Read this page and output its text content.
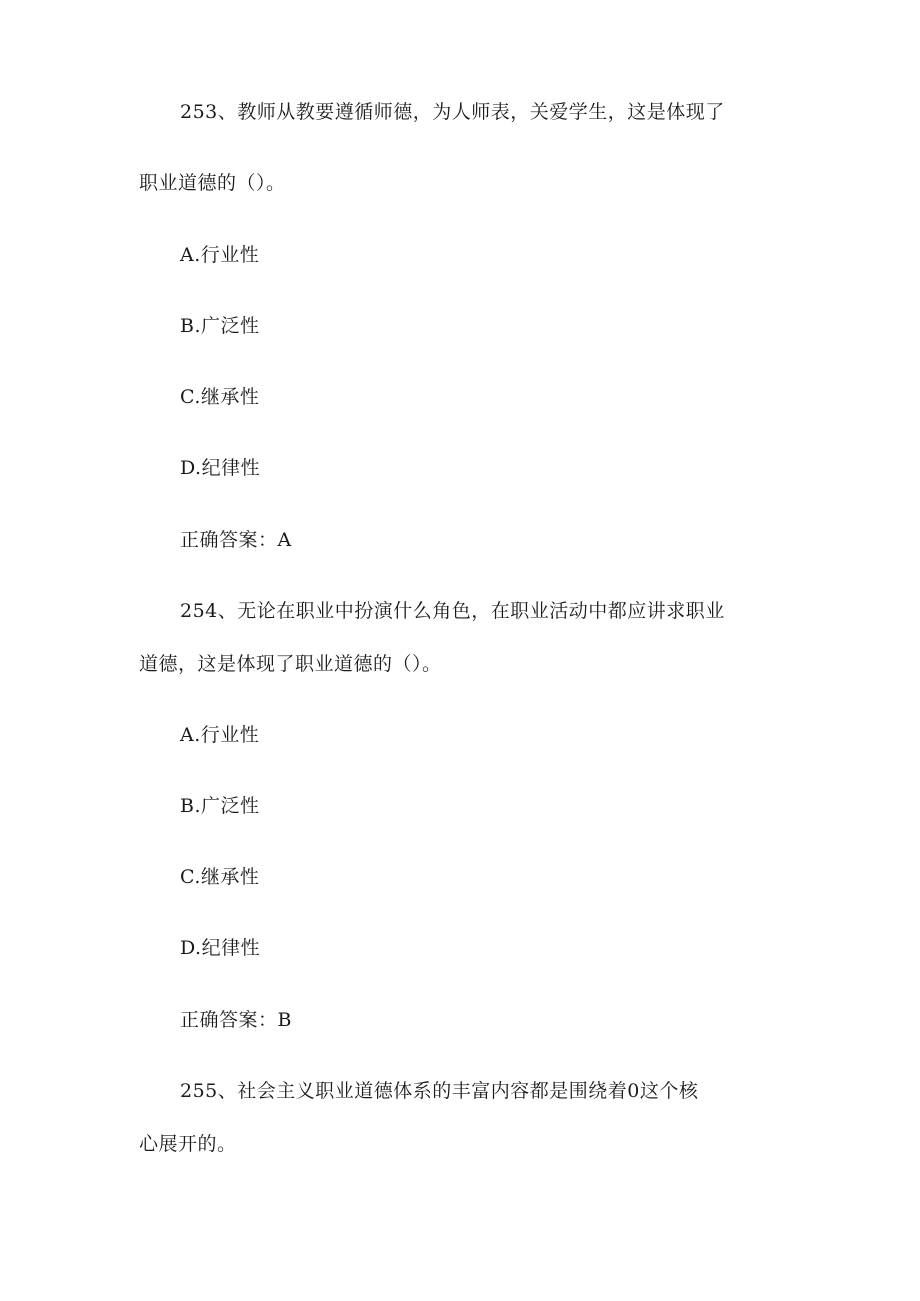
253、教师从教要遵循师德，为人师表，关爱学生，这是体现了
职业道德的（）。
A.行业性
B.广泛性
C.继承性
D.纪律性
正确答案：A
254、无论在职业中扮演什么角色，在职业活动中都应讲求职业
道德，这是体现了职业道德的（）。
A.行业性
B.广泛性
C.继承性
D.纪律性
正确答案：B
255、社会主义职业道德体系的丰富内容都是围绕着0这个核
心展开的。
